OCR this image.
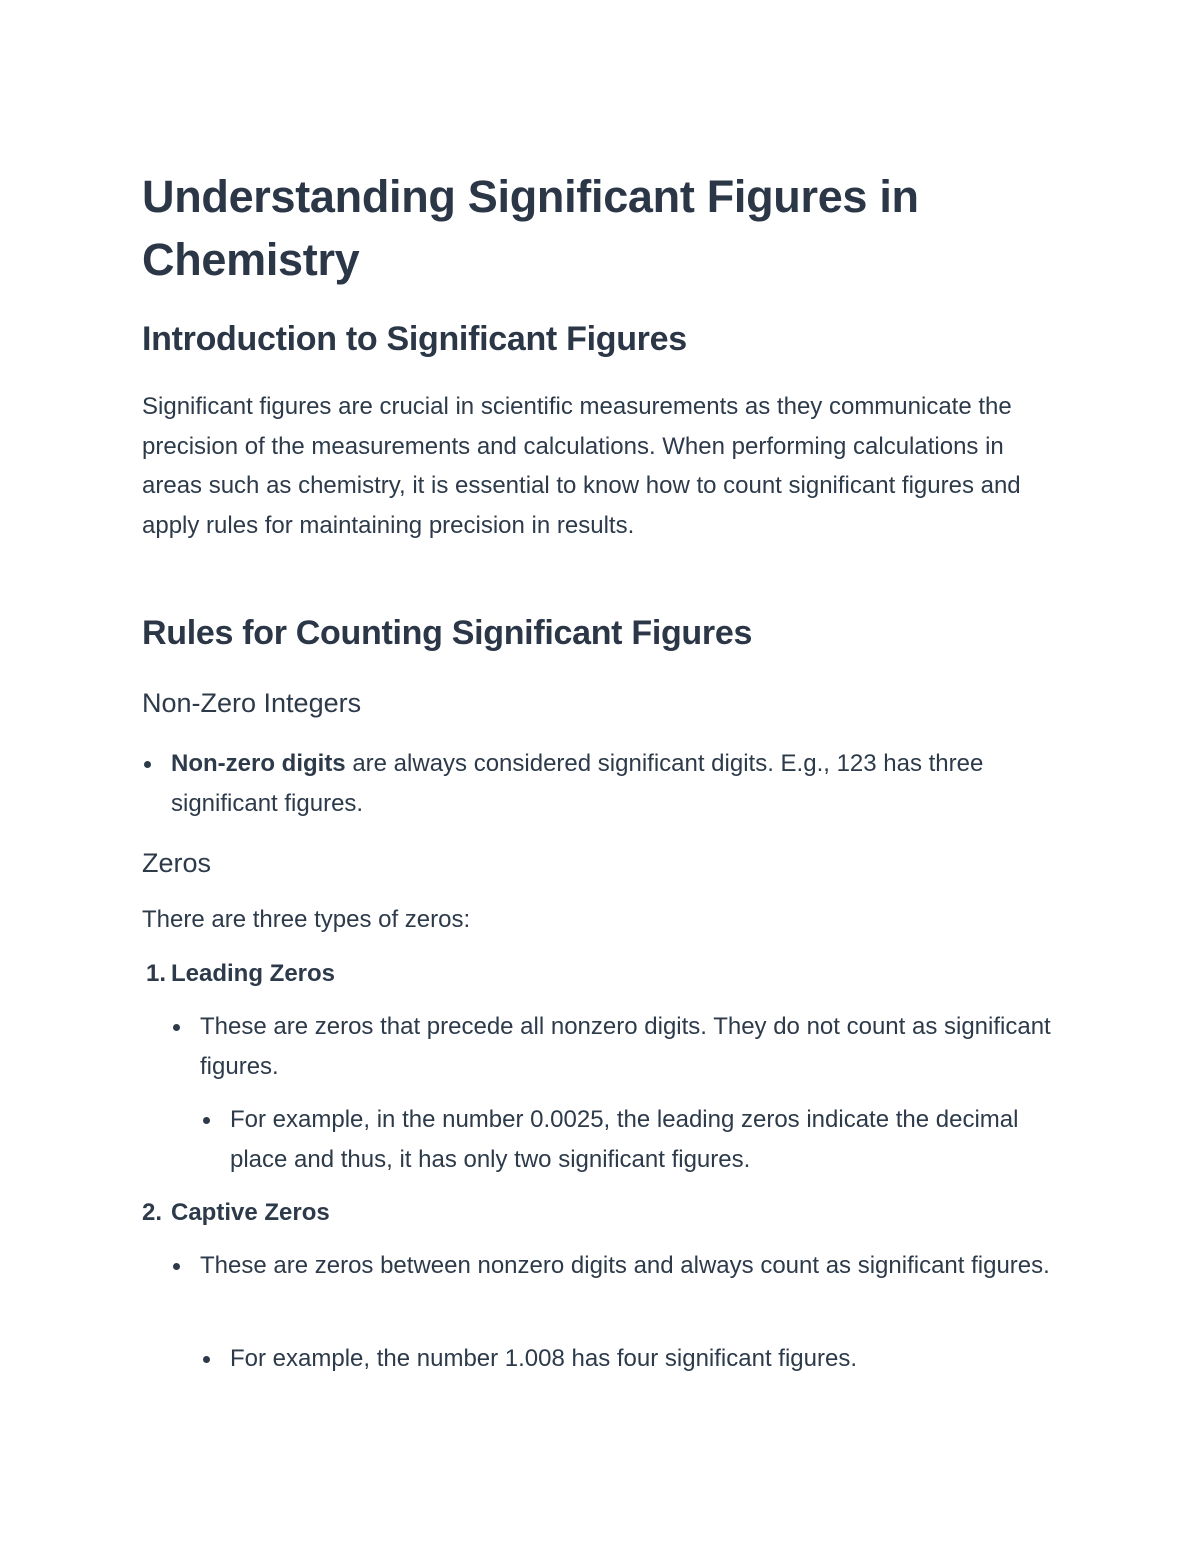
Understanding Significant Figures in Chemistry
Introduction to Significant Figures

Significant figures are crucial in scientific measurements as they communicate the precision of the measurements and calculations. When performing calculations in areas such as chemistry, it is essential to know how to count significant figures and apply rules for maintaining precision in results.

Rules for Counting Significant Figures
Non-Zero Integers
Non-zero digits are always considered significant digits. E.g., 123 has three significant figures.
Zeros

There are three types of zeros:

1. Leading Zeros
These are zeros that precede all nonzero digits. They do not count as significant figures.
For example, in the number 0.0025, the leading zeros indicate the decimal place and thus, it has only two significant figures.
2. Captive Zeros
These are zeros between nonzero digits and always count as significant figures.
For example, the number 1.008 has four significant figures.
